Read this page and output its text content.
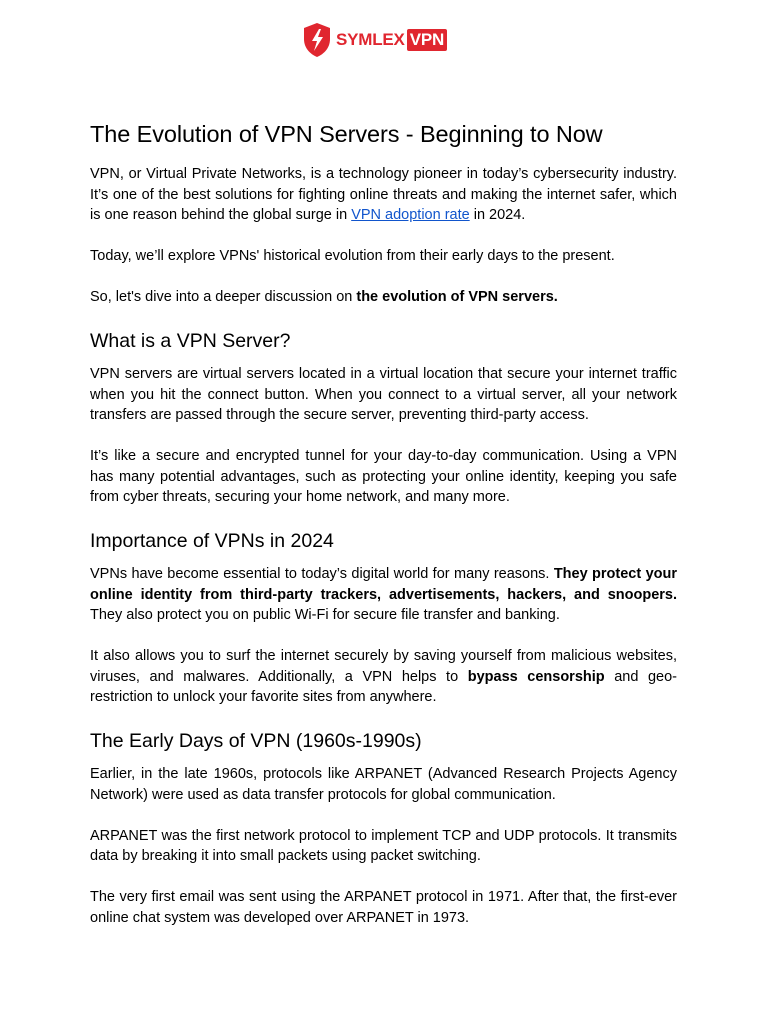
SYMLEX VPN
The Evolution of VPN Servers - Beginning to Now

VPN, or Virtual Private Networks, is a technology pioneer in today’s cybersecurity industry. It’s one of the best solutions for fighting online threats and making the internet safer, which is one reason behind the global surge in VPN adoption rate in 2024.

Today, we’ll explore VPNs' historical evolution from their early days to the present.

So, let's dive into a deeper discussion on the evolution of VPN servers.

What is a VPN Server?

VPN servers are virtual servers located in a virtual location that secure your internet traffic when you hit the connect button. When you connect to a virtual server, all your network transfers are passed through the secure server, preventing third-party access.

It’s like a secure and encrypted tunnel for your day-to-day communication. Using a VPN has many potential advantages, such as protecting your online identity, keeping you safe from cyber threats, securing your home network, and many more.

Importance of VPNs in 2024

VPNs have become essential to today’s digital world for many reasons. They protect your online identity from third-party trackers, advertisements, hackers, and snoopers. They also protect you on public Wi-Fi for secure file transfer and banking.

It also allows you to surf the internet securely by saving yourself from malicious websites, viruses, and malwares. Additionally, a VPN helps to bypass censorship and geo-restriction to unlock your favorite sites from anywhere.

The Early Days of VPN (1960s-1990s)

Earlier, in the late 1960s, protocols like ARPANET (Advanced Research Projects Agency Network) were used as data transfer protocols for global communication.

ARPANET was the first network protocol to implement TCP and UDP protocols. It transmits data by breaking it into small packets using packet switching.

The very first email was sent using the ARPANET protocol in 1971. After that, the first-ever online chat system was developed over ARPANET in 1973.
